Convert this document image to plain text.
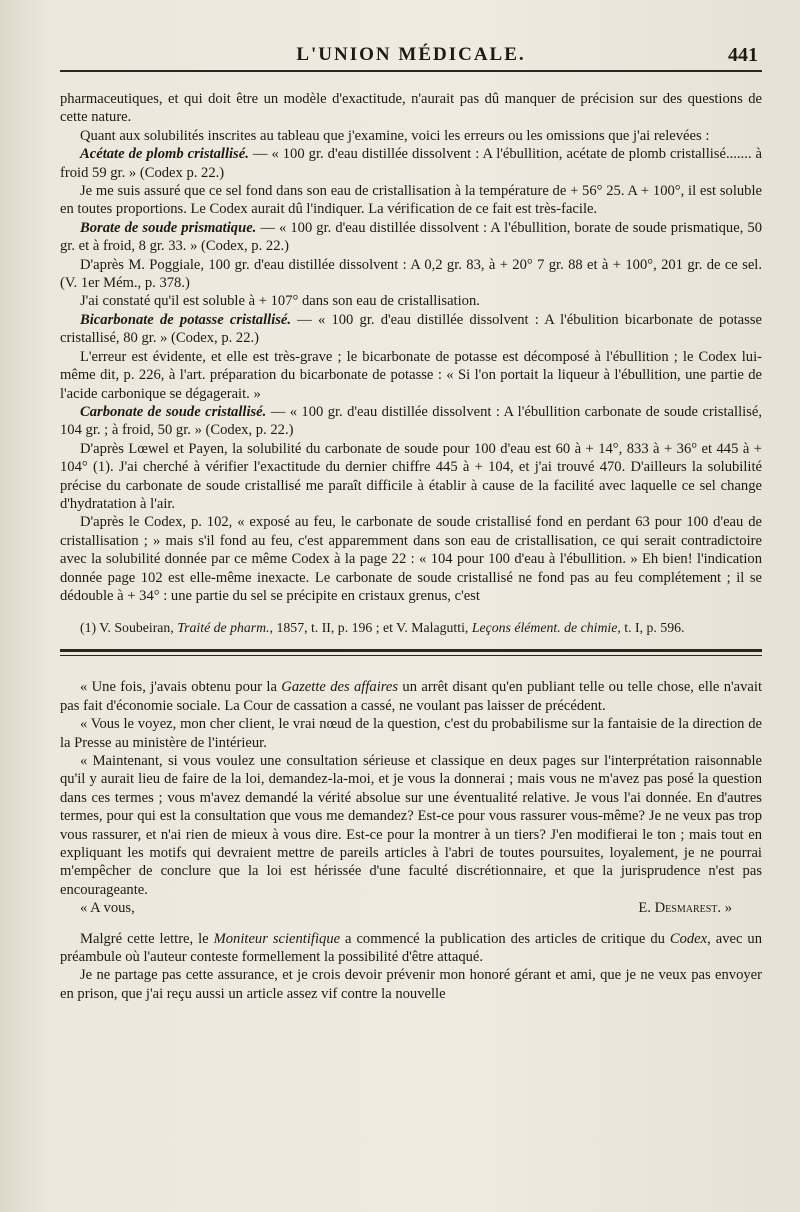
L'UNION MÉDICALE.	441

pharmaceutiques, et qui doit être un modèle d'exactitude, n'aurait pas dû manquer de précision sur des questions de cette nature.

Quant aux solubilités inscrites au tableau que j'examine, voici les erreurs ou les omissions que j'ai relevées :

Acétate de plomb cristallisé. — « 100 gr. d'eau distillée dissolvent : A l'ébullition, acétate de plomb cristallisé....... à froid 59 gr. » (Codex p. 22.)

Je me suis assuré que ce sel fond dans son eau de cristallisation à la température de + 56° 25. A + 100°, il est soluble en toutes proportions. Le Codex aurait dû l'indiquer. La vérification de ce fait est très-facile.

Borate de soude prismatique. — « 100 gr. d'eau distillée dissolvent : A l'ébullition, borate de soude prismatique, 50 gr. et à froid, 8 gr. 33. » (Codex, p. 22.)

D'après M. Poggiale, 100 gr. d'eau distillée dissolvent : A 0,2 gr. 83, à + 20° 7 gr. 88 et à + 100°, 201 gr. de ce sel. (V. 1er Mém., p. 378.)

J'ai constaté qu'il est soluble à + 107° dans son eau de cristallisation.

Bicarbonate de potasse cristallisé. — « 100 gr. d'eau distillée dissolvent : A l'ébulition bicarbonate de potasse cristallisé, 80 gr. » (Codex, p. 22.)

L'erreur est évidente, et elle est très-grave ; le bicarbonate de potasse est décomposé à l'ébullition ; le Codex lui-même dit, p. 226, à l'art. préparation du bicarbonate de potasse : « Si l'on portait la liqueur à l'ébullition, une partie de l'acide carbonique se dégagerait. »

Carbonate de soude cristallisé. — « 100 gr. d'eau distillée dissolvent : A l'ébullition carbonate de soude cristallisé, 104 gr. ; à froid, 50 gr. » (Codex, p. 22.)

D'après Lœwel et Payen, la solubilité du carbonate de soude pour 100 d'eau est 60 à + 14°, 833 à + 36° et 445 à + 104° (1). J'ai cherché à vérifier l'exactitude du dernier chiffre 445 à + 104, et j'ai trouvé 470. D'ailleurs la solubilité précise du carbonate de soude cristallisé me paraît difficile à établir à cause de la facilité avec laquelle ce sel change d'hydratation à l'air.

D'après le Codex, p. 102, « exposé au feu, le carbonate de soude cristallisé fond en perdant 63 pour 100 d'eau de cristallisation ; » mais s'il fond au feu, c'est apparemment dans son eau de cristallisation, ce qui serait contradictoire avec la solubilité donnée par ce même Codex à la page 22 : « 104 pour 100 d'eau à l'ébullition. » Eh bien! l'indication donnée page 102 est elle-même inexacte. Le carbonate de soude cristallisé ne fond pas au feu complétement ; il se dédouble à + 34° : une partie du sel se précipite en cristaux grenus, c'est

(1) V. Soubeiran, Traité de pharm., 1857, t. II, p. 196 ; et V. Malagutti, Leçons élément. de chimie, t. I, p. 596.

« Une fois, j'avais obtenu pour la Gazette des affaires un arrêt disant qu'en publiant telle ou telle chose, elle n'avait pas fait d'économie sociale. La Cour de cassation a cassé, ne voulant pas laisser de précédent.

« Vous le voyez, mon cher client, le vrai nœud de la question, c'est du probabilisme sur la fantaisie de la direction de la Presse au ministère de l'intérieur.

« Maintenant, si vous voulez une consultation sérieuse et classique en deux pages sur l'interprétation raisonnable qu'il y aurait lieu de faire de la loi, demandez-la-moi, et je vous la donnerai ; mais vous ne m'avez pas posé la question dans ces termes ; vous m'avez demandé la vérité absolue sur une éventualité relative. Je vous l'ai donnée. En d'autres termes, pour qui est la consultation que vous me demandez? Est-ce pour vous rassurer vous-même? Je ne veux pas trop vous rassurer, et n'ai rien de mieux à vous dire. Est-ce pour la montrer à un tiers? J'en modifierai le ton ; mais tout en expliquant les motifs qui devraient mettre de pareils articles à l'abri de toutes poursuites, loyalement, je ne pourrai m'empêcher de conclure que la loi est hérissée d'une faculté discrétionnaire, et que la jurisprudence n'est pas encourageante.

« A vous,	E. Desmarest. »

Malgré cette lettre, le Moniteur scientifique a commencé la publication des articles de critique du Codex, avec un préambule où l'auteur conteste formellement la possibilité d'être attaqué.

Je ne partage pas cette assurance, et je crois devoir prévenir mon honoré gérant et ami, que je ne veux pas envoyer en prison, que j'ai reçu aussi un article assez vif contre la nouvelle
